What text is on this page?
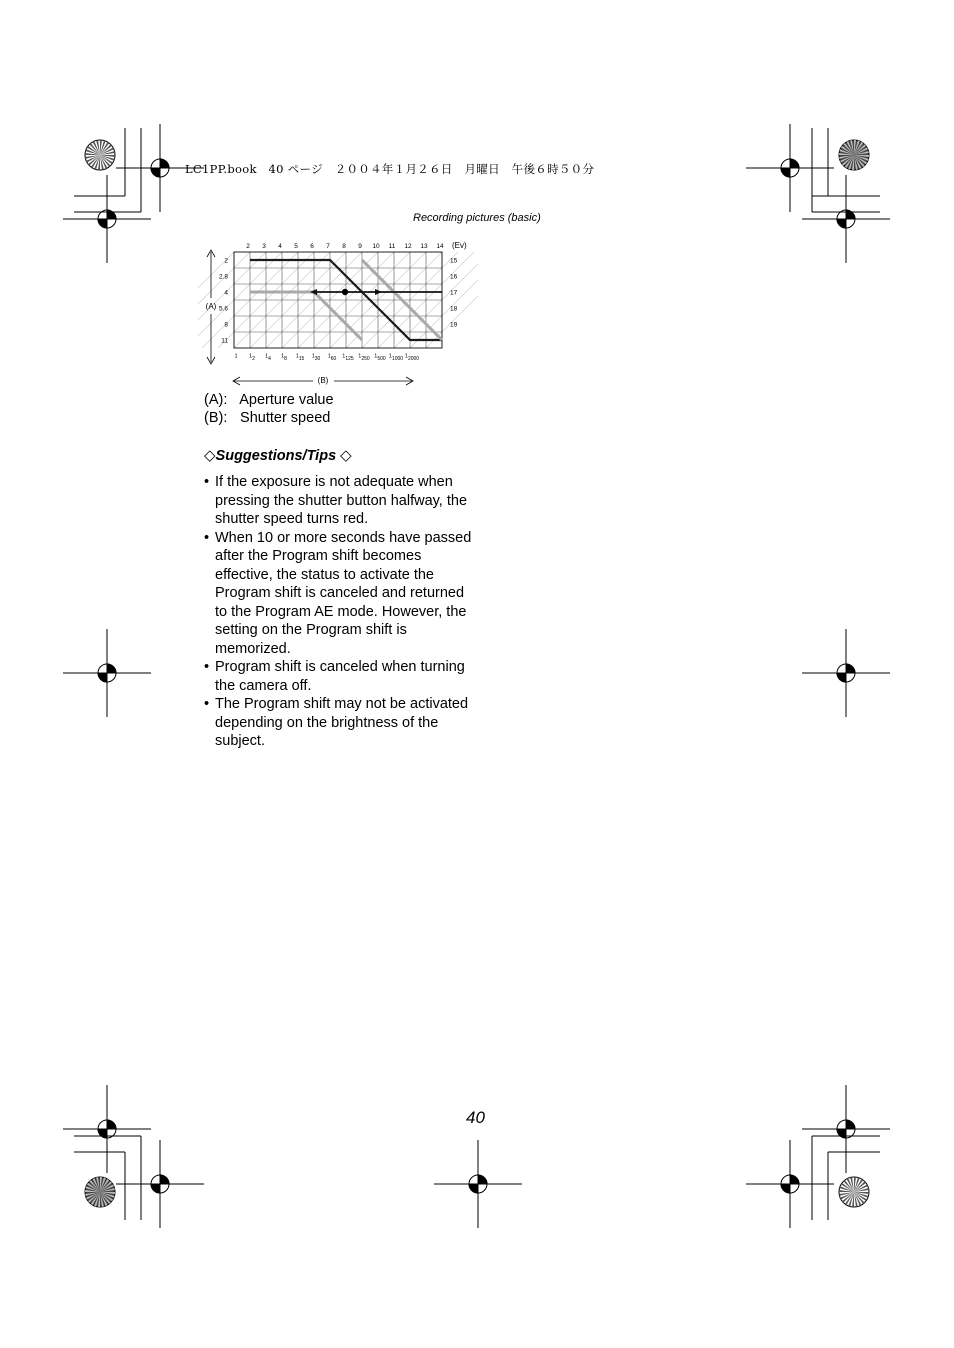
LC1PP.book　40 ページ　２００４年１月２６日　月曜日　午後６時５０分
Recording pictures (basic)
2 3 4 5 6 7 8 9 10 11 12 13 14 (Ev)
15
16
17
18
19
2
2.8
4
5.6
8
11
1 $1_2$ $1_4$ $1_8$ $1_{15}$ $1_{30}$ $1_{60}$ $1_{125}$ $1_{250}$ $1_{500}$ $1_{1000}$ $1_{2000}$
(A)
(B)
(A): Aperture value
(B): Shutter speed
◇Suggestions/Tips ◇
• If the exposure is not adequate when pressing the shutter button halfway, the shutter speed turns red.
• When 10 or more seconds have passed after the Program shift becomes effective, the status to activate the Program shift is canceled and returned to the Program AE mode. However, the setting on the Program shift is memorized.
• Program shift is canceled when turning the camera off.
• The Program shift may not be activated depending on the brightness of the subject.
40
